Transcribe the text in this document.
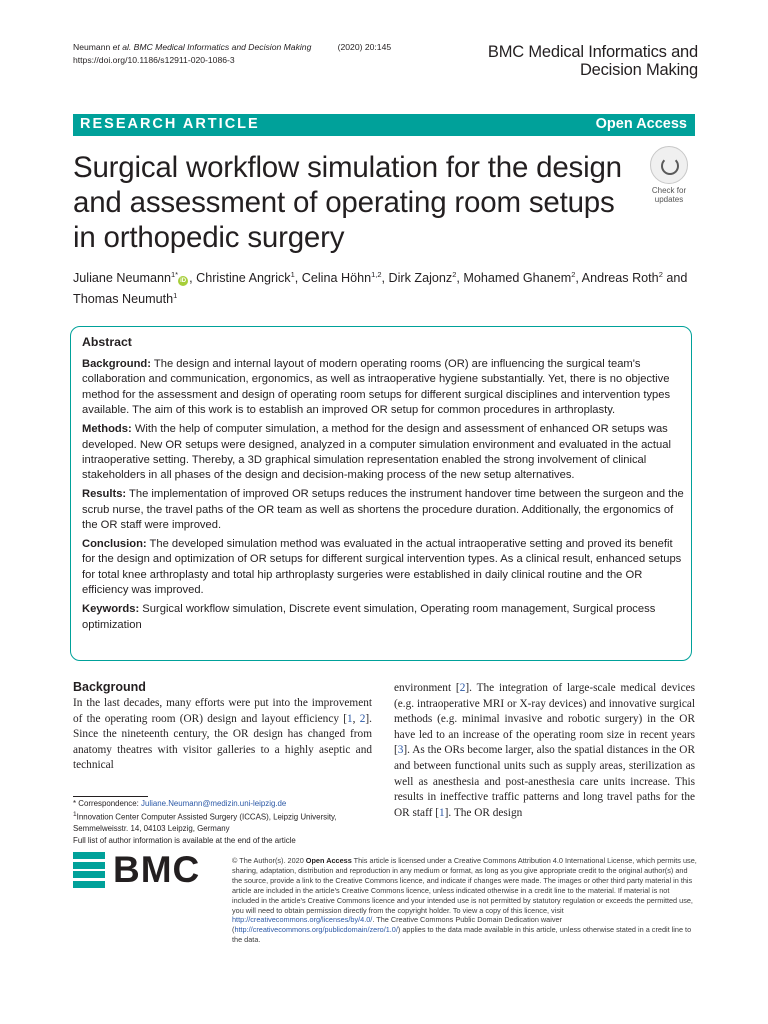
Neumann et al. BMC Medical Informatics and Decision Making	(2020) 20:145
https://doi.org/10.1186/s12911-020-1086-3	BMC Medical Informatics and
Decision Making
RESEARCH ARTICLE	Open Access
Surgical workflow simulation for the design and assessment of operating room setups in orthopedic surgery
Check for
updates
Juliane Neumann$^{1*}$iD , Christine Angrick$^1$, Celina Höhn$^{1,2}$, Dirk Zajonz$^2$, Mohamed Ghanem$^2$, Andreas Roth$^2$ and Thomas Neumuth$^1$
Abstract

Background: The design and internal layout of modern operating rooms (OR) are influencing the surgical team's collaboration and communication, ergonomics, as well as intraoperative hygiene substantially. Yet, there is no objective method for the assessment and design of operating room setups for different surgical disciplines and intervention types available. The aim of this work is to establish an improved OR setup for common procedures in arthroplasty.

Methods: With the help of computer simulation, a method for the design and assessment of enhanced OR setups was developed. New OR setups were designed, analyzed in a computer simulation environment and evaluated in the actual intraoperative setting. Thereby, a 3D graphical simulation representation enabled the strong involvement of clinical stakeholders in all phases of the design and decision-making process of the new setup alternatives.

Results: The implementation of improved OR setups reduces the instrument handover time between the surgeon and the scrub nurse, the travel paths of the OR team as well as shortens the procedure duration. Additionally, the ergonomics of the OR staff were improved.

Conclusion: The developed simulation method was evaluated in the actual intraoperative setting and proved its benefit for the design and optimization of OR setups for different surgical intervention types. As a clinical result, enhanced setups for total knee arthroplasty and total hip arthroplasty surgeries were established in daily clinical routine and the OR efficiency was improved.

Keywords: Surgical workflow simulation, Discrete event simulation, Operating room management, Surgical process optimization

Background
In the last decades, many efforts were put into the improvement of the operating room (OR) design and layout efficiency [1, 2]. Since the nineteenth century, the OR design has changed from anatomy theatres with visitor galleries to a highly aseptic and technical
environment [2]. The integration of large-scale medical devices (e.g. intraoperative MRI or X-ray devices) and innovative surgical methods (e.g. minimal invasive and robotic surgery) in the OR have led to an increase of the operating room size in recent years [3]. As the ORs become larger, also the spatial distances in the OR and between functional units such as supply areas, sterilization as well as anesthesia and post-anesthesia care units increase. This results in ineffective traffic patterns and long travel paths for the OR staff [1]. The OR design

* Correspondence: Juliane.Neumann@medizin.uni-leipzig.de

$^1$Innovation Center Computer Assisted Surgery (ICCAS), Leipzig University, Semmelweisstr. 14, 04103 Leipzig, Germany

Full list of author information is available at the end of the article

BMC	© The Author(s). 2020 Open Access This article is licensed under a Creative Commons Attribution 4.0 International License, which permits use, sharing, adaptation, distribution and reproduction in any medium or format, as long as you give appropriate credit to the original author(s) and the source, provide a link to the Creative Commons licence, and indicate if changes were made. The images or other third party material in this article are included in the article's Creative Commons licence, unless indicated otherwise in a credit line to the material. If material is not included in the article's Creative Commons licence and your intended use is not permitted by statutory regulation or exceeds the permitted use, you will need to obtain permission directly from the copyright holder. To view a copy of this licence, visit http://creativecommons.org/licenses/by/4.0/. The Creative Commons Public Domain Dedication waiver (http://creativecommons.org/publicdomain/zero/1.0/) applies to the data made available in this article, unless otherwise stated in a credit line to the data.
